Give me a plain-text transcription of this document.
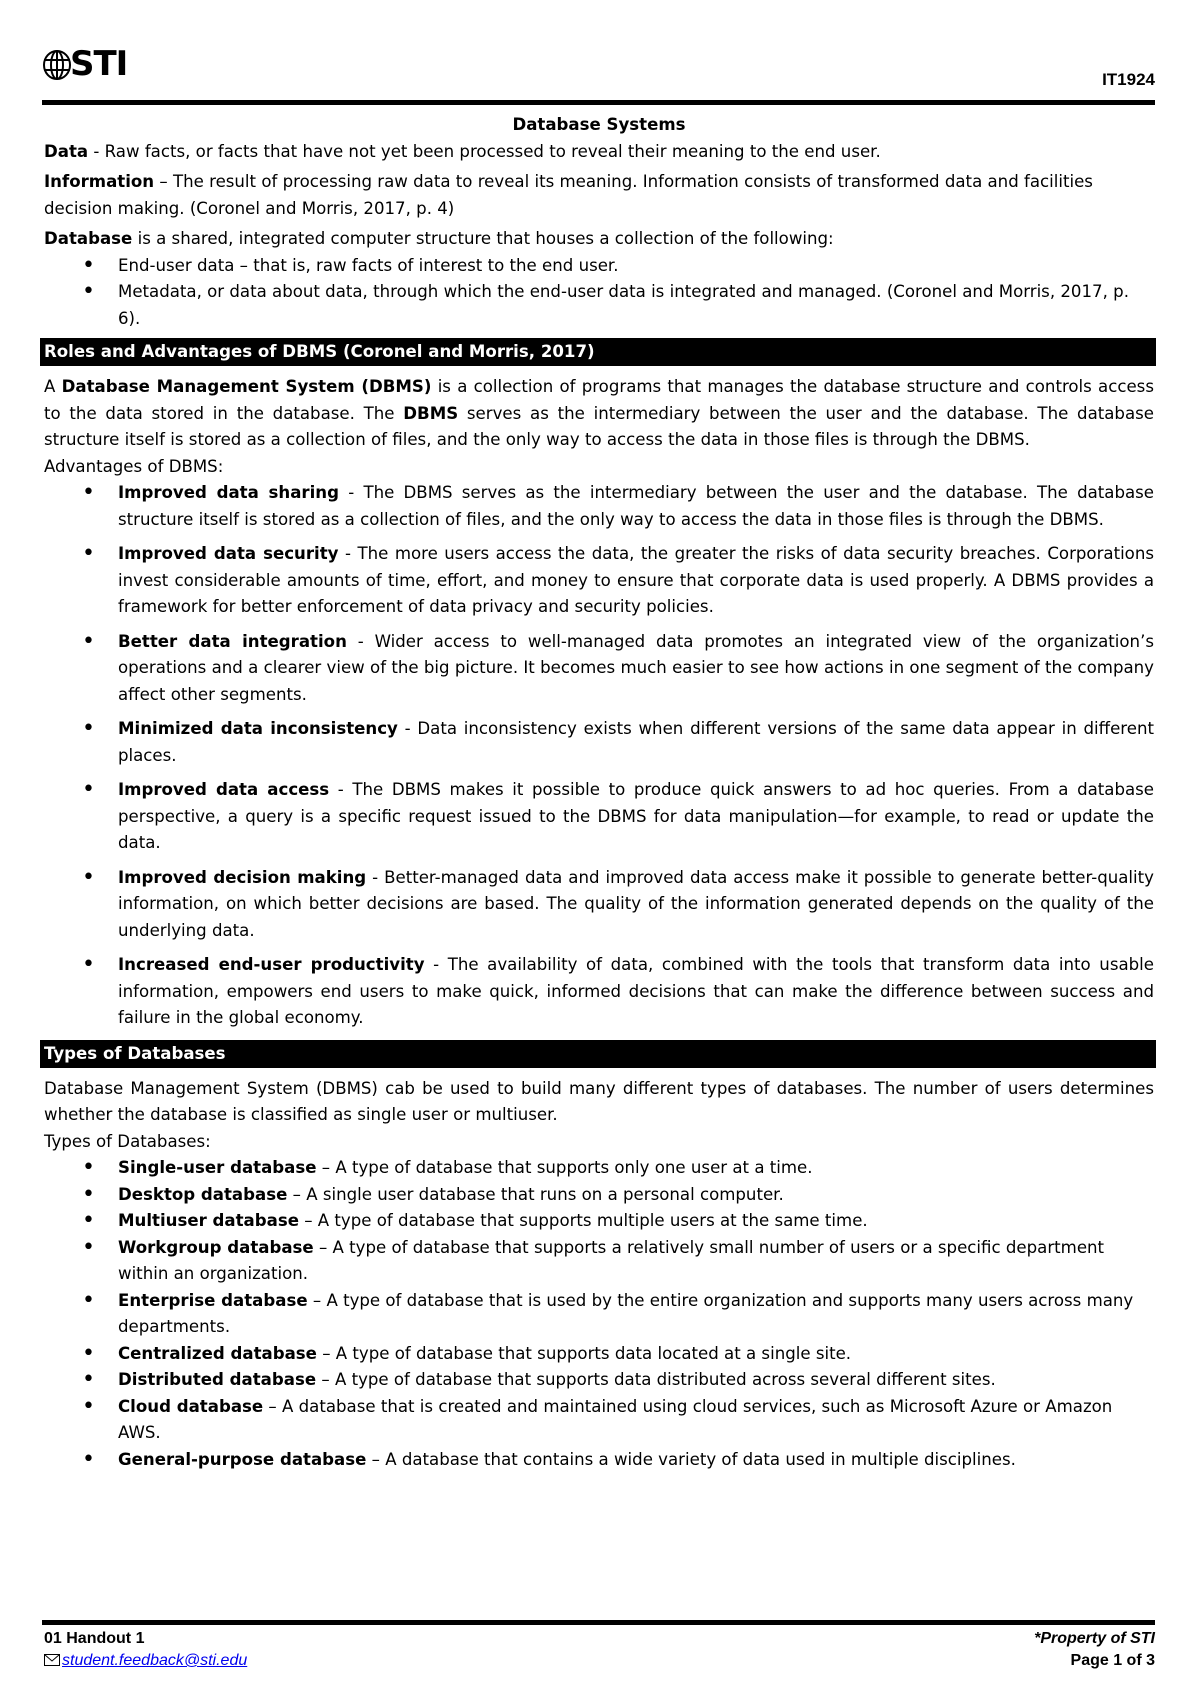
STI	IT1924

Database Systems

Data - Raw facts, or facts that have not yet been processed to reveal their meaning to the end user.

Information – The result of processing raw data to reveal its meaning. Information consists of transformed data and facilities decision making. (Coronel and Morris, 2017, p. 4)

Database is a shared, integrated computer structure that houses a collection of the following:

• End-user data – that is, raw facts of interest to the end user.
• Metadata, or data about data, through which the end-user data is integrated and managed. (Coronel and Morris, 2017, p. 6).
Roles and Advantages of DBMS (Coronel and Morris, 2017)

A Database Management System (DBMS) is a collection of programs that manages the database structure and controls access to the data stored in the database. The DBMS serves as the intermediary between the user and the database. The database structure itself is stored as a collection of files, and the only way to access the data in those files is through the DBMS.

Advantages of DBMS:

• Improved data sharing - The DBMS serves as the intermediary between the user and the database. The database structure itself is stored as a collection of files, and the only way to access the data in those files is through the DBMS.
• Improved data security - The more users access the data, the greater the risks of data security breaches. Corporations invest considerable amounts of time, effort, and money to ensure that corporate data is used properly. A DBMS provides a framework for better enforcement of data privacy and security policies.
• Better data integration - Wider access to well-managed data promotes an integrated view of the organization’s operations and a clearer view of the big picture. It becomes much easier to see how actions in one segment of the company affect other segments.
• Minimized data inconsistency - Data inconsistency exists when different versions of the same data appear in different places.
• Improved data access - The DBMS makes it possible to produce quick answers to ad hoc queries. From a database perspective, a query is a specific request issued to the DBMS for data manipulation—for example, to read or update the data.
• Improved decision making - Better-managed data and improved data access make it possible to generate better-quality information, on which better decisions are based. The quality of the information generated depends on the quality of the underlying data.
• Increased end-user productivity - The availability of data, combined with the tools that transform data into usable information, empowers end users to make quick, informed decisions that can make the difference between success and failure in the global economy.
Types of Databases

Database Management System (DBMS) cab be used to build many different types of databases. The number of users determines whether the database is classified as single user or multiuser.

Types of Databases:

• Single-user database – A type of database that supports only one user at a time.
• Desktop database – A single user database that runs on a personal computer.
• Multiuser database – A type of database that supports multiple users at the same time.
• Workgroup database – A type of database that supports a relatively small number of users or a specific department within an organization.
• Enterprise database – A type of database that is used by the entire organization and supports many users across many departments.
• Centralized database – A type of database that supports data located at a single site.
• Distributed database – A type of database that supports data distributed across several different sites.
• Cloud database – A database that is created and maintained using cloud services, such as Microsoft Azure or Amazon AWS.
• General-purpose database – A database that contains a wide variety of data used in multiple disciplines.
01 Handout 1
student.feedback@sti.edu
*Property of STI
Page 1 of 3
